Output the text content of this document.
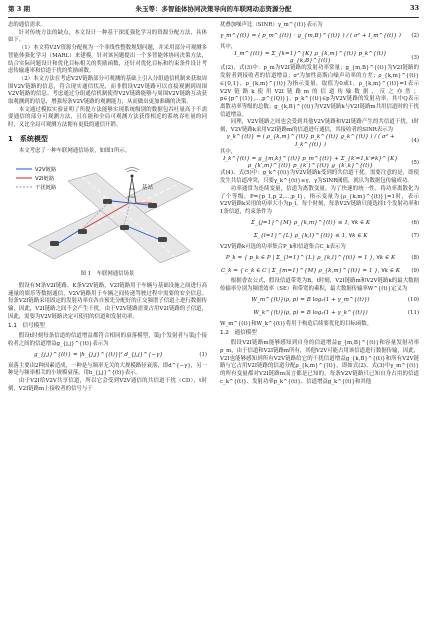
第 3 期	朱玉等：多智能体协同决策导向的车联网动态资源分配	33

态的通信需求。

针对传统方法的缺点，本文设计一种基于深度强化学习的资源分配方法，具体如下。

（1）本文将V2V资源分配视为一个非线性整数规划问题，并采用部分可观测多智能体强化学习（MARL）来建模。针对该问题提出一个多智能体协同决策方法，结合实际问题设计和优化目标相关的奖励函数，还针对优化目标和约束条件设计考虑传输速率和信道干扰的奖励函数。

（2）本文方法在考虑V2V链路部分可观测的基础上引入分组通信机制来获取周围V2V链路的信息，符合现实通信状况，而非假设V2V链路可以直接观测到周围V2V链路的信息。考虑通过分组通信机制使得V2V链路能够与周围V2V链路互动获取观测到的信息，增强每条V2V链路的观测能力，从而做出更加准确的决策。

本文通过模拟实验证明了所提方法能够实现系统级别的数据包吞吐量高于不需要通信的部分可观测方法，且在能和全局可观测方法获得相近的系统吞吐量的同时，又比全局可观测方法拥有更低的通信开销。

1　系统模型

本文考虑了一种车联网通信场景，如图1所示。

基站
V2V链路
V2I链路
干扰链路
图 1　车联网通信场景

假设有M条V2I链路、K条V2V链路，V2I链路用于车辆与基础设施之间进行高速量的娱乐等数据通信，V2V链路用于车辆之间传递驾驶过程中需要的安全信息。每条V2I链路采用固定的发射功率在各自预先分配好的正交频谱子信道上进行数据传输，因此，V2I链路之间不会产生干扰。由于V2V链路需要占用V2I链路的子信道，因此，需要为V2V链路决定可使用的信道和发射功率。

1.1　信号模型

假设t时刻每条信道的信道增益都符合相同的衰落模型，第j个发射者与第j个接收者之间的信道增益g_{j,j}^{(t)}表示为

g_{j,j}^{(t)} = |h_{j,j}^{(t)}|² d_{j,j}^{−γ}	(1)

衰落主要由2种因素造成，一种是与频率无关的大规模路径衰落，即d^{−γ}，另一种是与频率相关的小规模衰落，用h_{j,j}^{(t)}表示。

由于V2I给V2V共享信道，所以它会受到V2V通信的共信道干扰（CD），t时刻，V2I链路m上接收者的信号与干

扰叠加噪声比（SINR）γ_m^{(t)}表示为

γ_m^{(t)} = ( p_m^{(t)} · g_{m,B}^{(t)} ) / ( σ² + I_m^{(t)} )	(2)

其中，

I_m^{(t)} = Σ_{k=1}^{K} ρ_{k,m}^{(t)} p_k^{(t)} g_{k,B}^{(t)}
(3)

式(2)、式(3)中：p_m为V2I链路的发射功率常量；g_{m,B}^{(t)}为V2I链路的发射者到接收者的信道增益；σ²为加性高斯白噪声功率的方差；ρ_{k,m}^{(t)}∈{0,1}，ρ_{k,m}^{(t)}为指示变量，取值为0或1，ρ_{k,m}^{(t)}=1表示V2V链路k使用V2I链路m的信道传输数据，反之亦然；p∈{p^{(1)},…,p^{(Q)}}，p_k^{(t)}∈p为V2V链路的发射功率，其中Q表示离散功率等级的总数；g_{k,B}^{(t)}为V2V链路k与V2I链路m共用信道时的干扰信道增益。

同理，V2V链路之间也会受到其他V2V链路和V2I链路产生的共信道干扰。t时刻，V2V链路k采用V2I链路m的信道进行通信，其接收者的SINR表示为

γ_k^{(t)} = ( ρ_{k,m}^{(t)} p_k^{(t)} g_k^{(t)} ) / ( σ² + I_k^{(t)} )
(4)

其中，

I_k^{(t)} = g_{m,k}^{(t)} p_m^{(t)} + Σ_{k′=1,k′≠k}^{K} ρ_{k′,m}^{(t)} p_{k′}^{(t)} g_{k′,k}^{(t)}
(5)

式(4)、式(5)中：g_k^{(t)}为V2V链路k受到的共信道干扰。需要注意的是，即使发生共信道冲突，只要γ_k^{(t)}≥γ，γ为SINR阈值，就认为数据包传输成功。

功率通常为连续变量，信道为离散变量，为了快速的统一性，将功率离散化为了个等级，P={p_1,p_2,…,p_I}，指示变量为{ρ_{k,m}^{(t)}}=1时，表示V2V链路k采用的功率大小为p_l。每个时刻，每条V2V链路只能选择1个发射功率和1条信道，约束条件为

Σ_{j=1}^{M} ρ_{k,m}^{(t)} ≤ 1, ∀k ∈ K	(6)
Σ_{l=1}^{L} ρ_{k,l}^{(t)} ≤ 1, ∀k ∈ K	(7)

V2V链路k可选的功率集合P_k和信道集合C_k表示为

P_k = { p_k ∈ P | Σ_{l=1}^{L} ρ_{k,l}^{(t)} = 1 }, ∀k ∈ K	(8)
C_k = { c_k ∈ C | Σ_{m=1}^{M} ρ_{k,m}^{(t)} = 1 }, ∀k ∈ K	(9)

根据香农公式，假设信道带宽为B，t时刻，V2I链路m和V2V链路k的最大数据传输率分别为频谱效率（SE）和带宽的乘积，最大数据传输率W^{(t)}定义为

W_m^{(t)}(ρ, p) = B log₂(1 + γ_m^{(t)})	(10)
W_k^{(t)}(ρ, p) = B log₂(1 + γ_k^{(t)})	(11)

W_m^{(t)}和W_k^{(t)}将用于构造后续要优化的目标函数。

1.2　通信模型

假设V2I链路m能够感知到自身的信道增益g_{m,B}^{(t)}和容量发射功率p_m，由于信道和V2I链路m所有，其他V2V可能占用该信道进行数据传输，因此，V2I也能够感知到所有V2V链路给它的干扰信道增益g_{k,B}^{(t)}和所有V2V链路与它占用V2I链路的信道分配ρ_{k,m}^{(t)}，即如式(2)、式(3)中γ_m^{(t)}的所有变量都对V2I链路m而言都是已知的。每条V2V链路只已知自身占用的信道c_k^{(t)}、发射功率p_k^{(t)}、信道增益g_k^{(t)}和其他
